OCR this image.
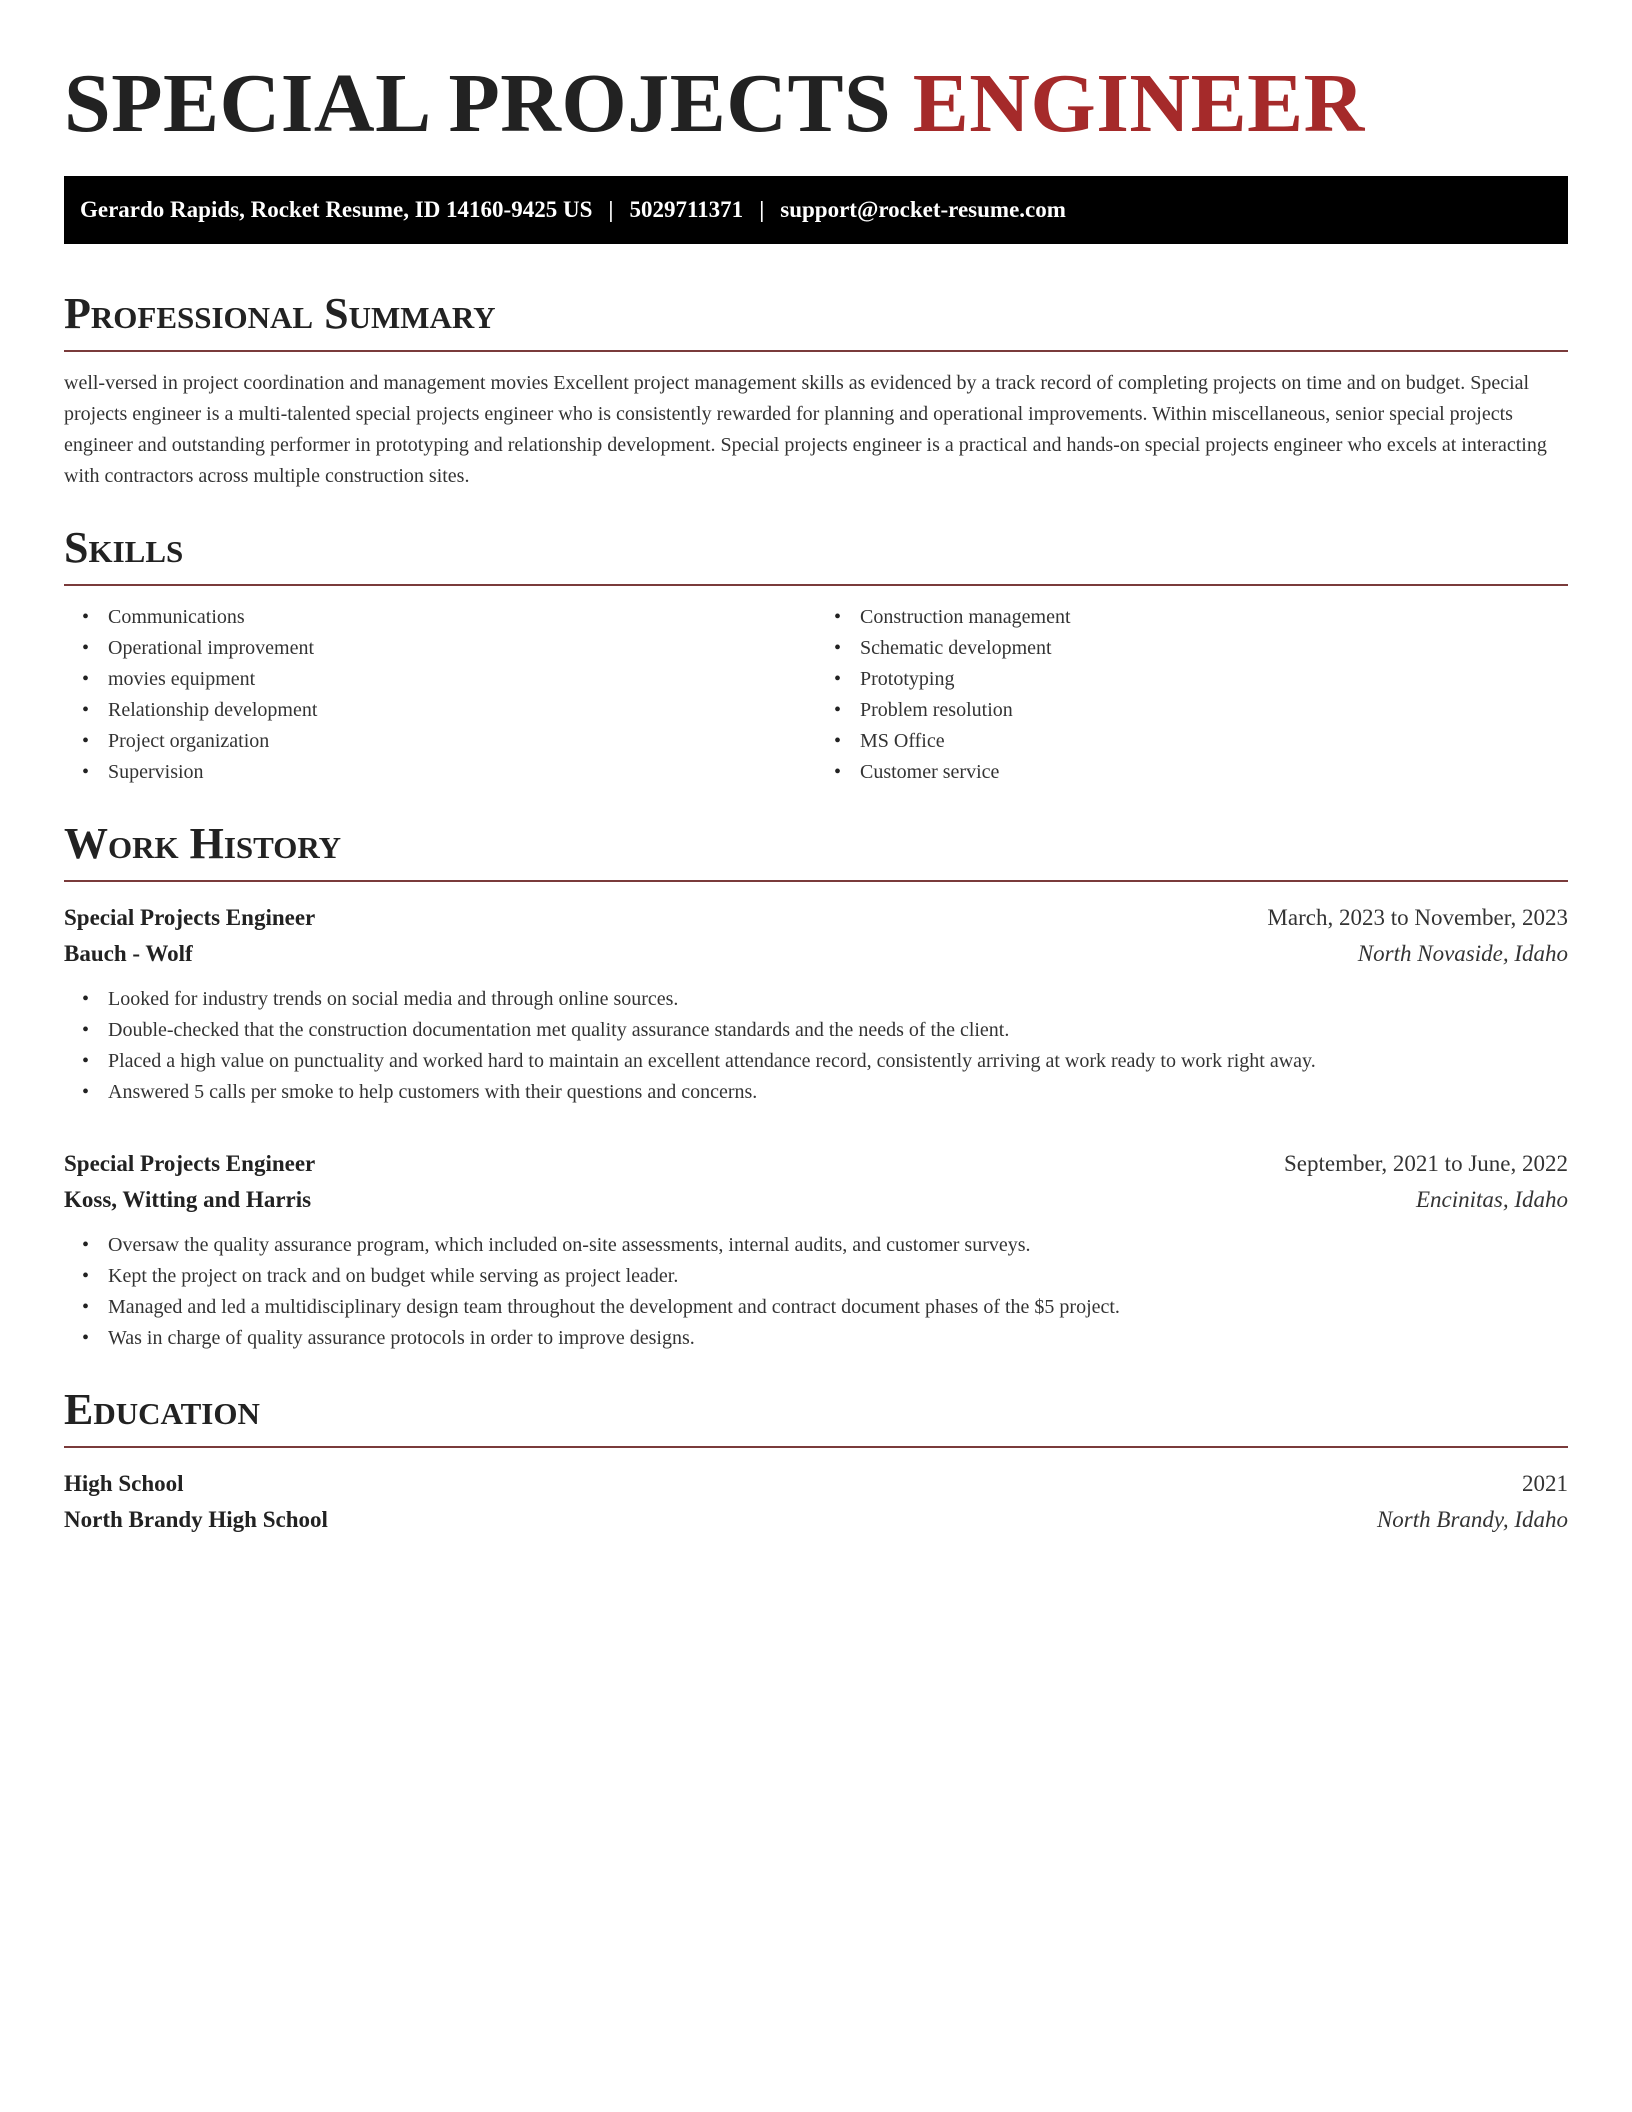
SPECIAL PROJECTS ENGINEER
Gerardo Rapids, Rocket Resume, ID 14160-9425 US | 5029711371 | support@rocket-resume.com
Professional Summary

well-versed in project coordination and management movies Excellent project management skills as evidenced by a track record of completing projects on time and on budget. Special projects engineer is a multi-talented special projects engineer who is consistently rewarded for planning and operational improvements. Within miscellaneous, senior special projects engineer and outstanding performer in prototyping and relationship development. Special projects engineer is a practical and hands-on special projects engineer who excels at interacting with contractors across multiple construction sites.

Skills
• Communications
• Operational improvement
• movies equipment
• Relationship development
• Project organization
• Supervision
• Construction management
• Schematic development
• Prototyping
• Problem resolution
• MS Office
• Customer service
Work History
Special Projects Engineer	March, 2023 to November, 2023
Bauch - Wolf	North Novaside, Idaho
• Looked for industry trends on social media and through online sources.
• Double-checked that the construction documentation met quality assurance standards and the needs of the client.
• Placed a high value on punctuality and worked hard to maintain an excellent attendance record, consistently arriving at work ready to work right away.
• Answered 5 calls per smoke to help customers with their questions and concerns.
Special Projects Engineer	September, 2021 to June, 2022
Koss, Witting and Harris	Encinitas, Idaho
• Oversaw the quality assurance program, which included on-site assessments, internal audits, and customer surveys.
• Kept the project on track and on budget while serving as project leader.
• Managed and led a multidisciplinary design team throughout the development and contract document phases of the $5 project.
• Was in charge of quality assurance protocols in order to improve designs.
Education
High School	2021
North Brandy High School	North Brandy, Idaho
